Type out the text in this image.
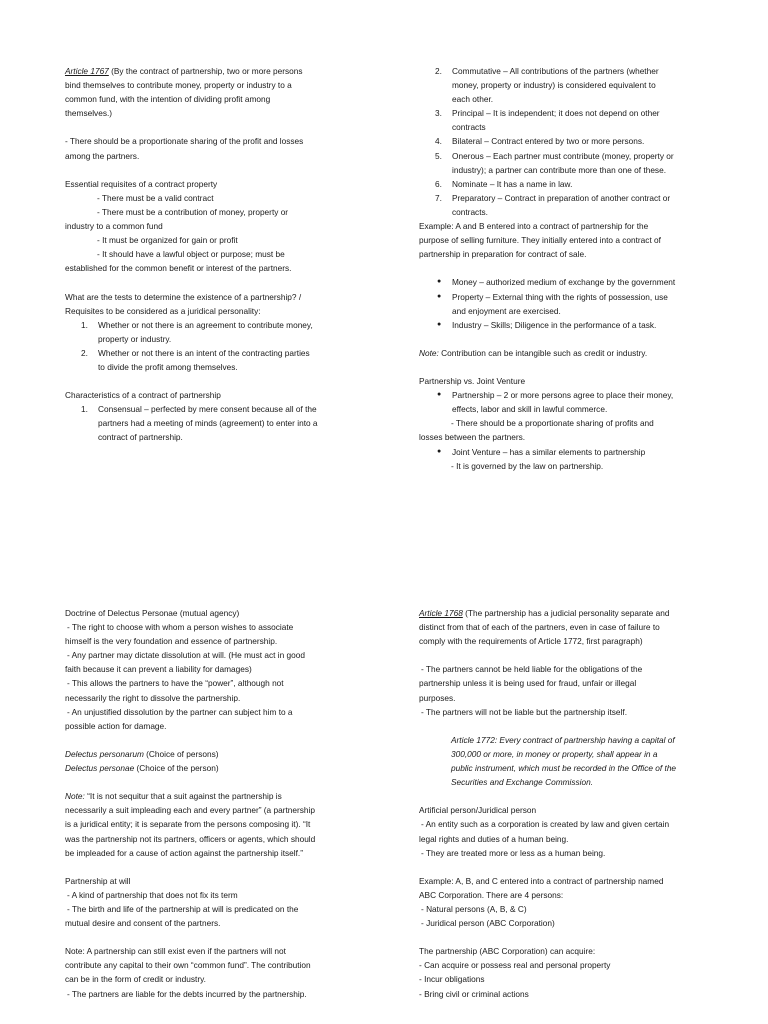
Article 1767 (By the contract of partnership, two or more persons

bind themselves to contribute money, property or industry to a

common fund, with the intention of dividing profit among

themselves.)

- There should be a proportionate sharing of the profit and losses

among the partners.

Essential requisites of a contract property

- There must be a valid contract

- There must be a contribution of money, property or

industry to a common fund

- It must be organized for gain or profit

- It should have a lawful object or purpose; must be

established for the common benefit or interest of the partners.

What are the tests to determine the existence of a partnership? /

Requisites to be considered as a juridical personality:

1. Whether or not there is an agreement to contribute money,
property or industry.
2. Whether or not there is an intent of the contracting parties
to divide the profit among themselves.

Characteristics of a contract of partnership

1. Consensual – perfected by mere consent because all of the
partners had a meeting of minds (agreement) to enter into a
contract of partnership.
2. Commutative – All contributions of the partners (whether
money, property or industry) is considered equivalent to
each other.
3. Principal – It is independent; it does not depend on other
contracts
4. Bilateral – Contract entered by two or more persons.
5. Onerous – Each partner must contribute (money, property or
industry); a partner can contribute more than one of these.
6. Nominate – It has a name in law.
7. Preparatory – Contract in preparation of another contract or
contracts.

Example: A and B entered into a contract of partnership for the

purpose of selling furniture. They initially entered into a contract of

partnership in preparation for contract of sale.

● Money – authorized medium of exchange by the government
● Property – External thing with the rights of possession, use
and enjoyment are exercised.
● Industry – Skills; Diligence in the performance of a task.

Note: Contribution can be intangible such as credit or industry.

Partnership vs. Joint Venture

● Partnership – 2 or more persons agree to place their money,
effects, labor and skill in lawful commerce.

- There should be a proportionate sharing of profits and

losses between the partners.

● Joint Venture – has a similar elements to partnership

- It is governed by the law on partnership.

Doctrine of Delectus Personae (mutual agency)

- The right to choose with whom a person wishes to associate

himself is the very foundation and essence of partnership.

- Any partner may dictate dissolution at will. (He must act in good

faith because it can prevent a liability for damages)

- This allows the partners to have the “power”, although not

necessarily the right to dissolve the partnership.

- An unjustified dissolution by the partner can subject him to a

possible action for damage.

Delectus personarum (Choice of persons)

Delectus personae (Choice of the person)

Note: “It is not sequitur that a suit against the partnership is

necessarily a suit impleading each and every partner” (a partnership

is a juridical entity; it is separate from the persons composing it). “It

was the partnership not its partners, officers or agents, which should

be impleaded for a cause of action against the partnership itself.”

Partnership at will

- A kind of partnership that does not fix its term

- The birth and life of the partnership at will is predicated on the

mutual desire and consent of the partners.

Note: A partnership can still exist even if the partners will not

contribute any capital to their own “common fund”. The contribution

can be in the form of credit or industry.

- The partners are liable for the debts incurred by the partnership.

Article 1768 (The partnership has a judicial personality separate and

distinct from that of each of the partners, even in case of failure to

comply with the requirements of Article 1772, first paragraph)

- The partners cannot be held liable for the obligations of the

partnership unless it is being used for fraud, unfair or illegal

purposes.

- The partners will not be liable but the partnership itself.

Article 1772: Every contract of partnership having a capital of

300,000 or more, in money or property, shall appear in a

public instrument, which must be recorded in the Office of the

Securities and Exchange Commission.

Artificial person/Juridical person

- An entity such as a corporation is created by law and given certain

legal rights and duties of a human being.

- They are treated more or less as a human being.

Example: A, B, and C entered into a contract of partnership named

ABC Corporation. There are 4 persons:

- Natural persons (A, B, & C)

- Juridical person (ABC Corporation)

The partnership (ABC Corporation) can acquire:

- Can acquire or possess real and personal property

- Incur obligations

- Bring civil or criminal actions
